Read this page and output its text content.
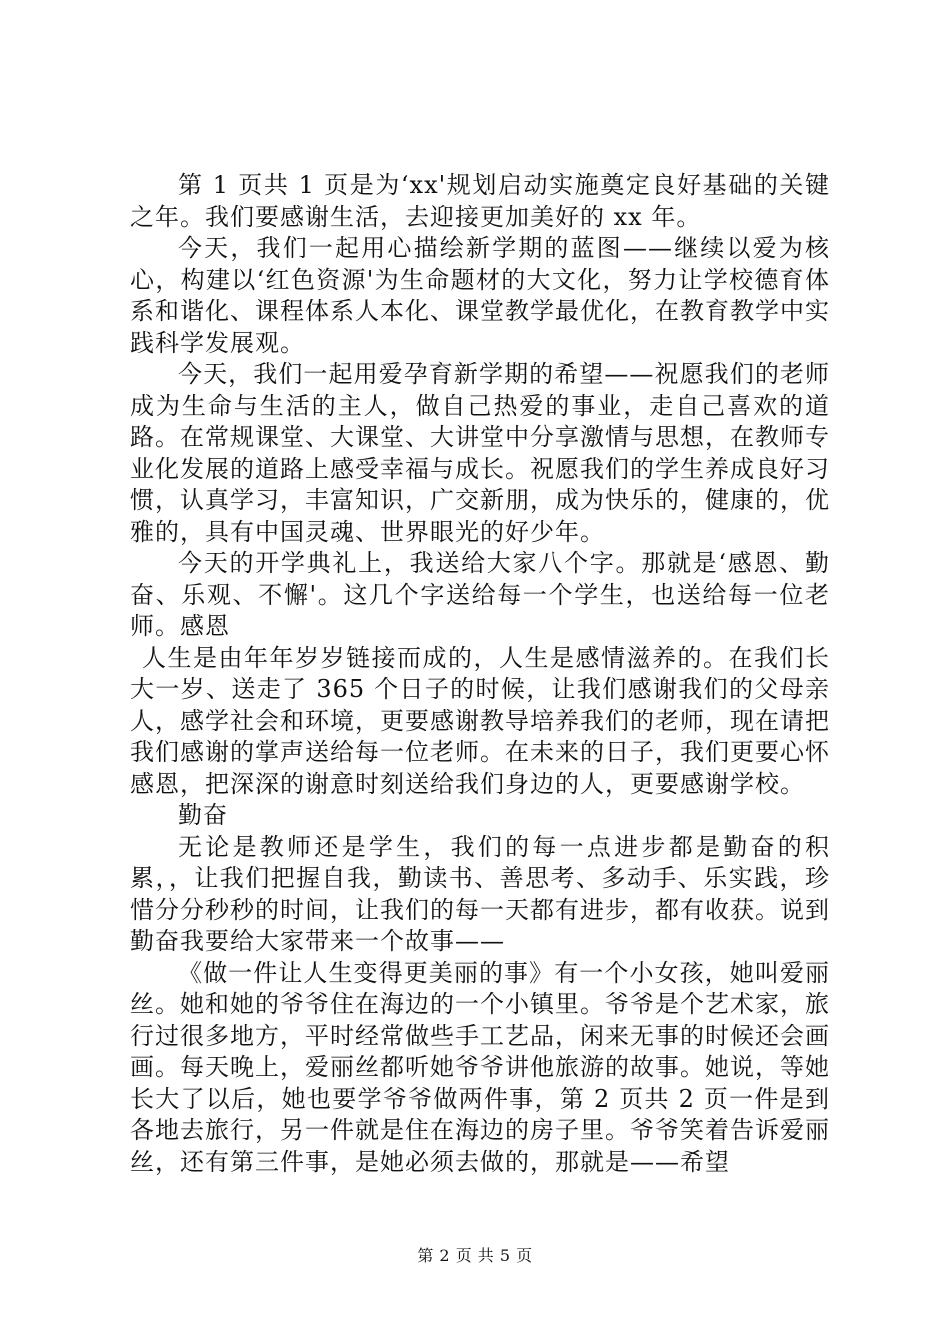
第 1 页共 1 页是为‘xx'规划启动实施奠定良好基础的关键之年。我们要感谢生活，去迎接更加美好的 xx 年。

今天，我们一起用心描绘新学期的蓝图——继续以爱为核心，构建以‘红色资源'为生命题材的大文化，努力让学校德育体系和谐化、课程体系人本化、课堂教学最优化，在教育教学中实践科学发展观。

今天，我们一起用爱孕育新学期的希望——祝愿我们的老师成为生命与生活的主人，做自己热爱的事业，走自己喜欢的道路。在常规课堂、大课堂、大讲堂中分享激情与思想，在教师专业化发展的道路上感受幸福与成长。祝愿我们的学生养成良好习惯，认真学习，丰富知识，广交新朋，成为快乐的，健康的，优雅的，具有中国灵魂、世界眼光的好少年。

今天的开学典礼上，我送给大家八个字。那就是‘感恩、勤奋、乐观、不懈'。这几个字送给每一个学生，也送给每一位老师。感恩

人生是由年年岁岁链接而成的，人生是感情滋养的。在我们长大一岁、送走了 365 个日子的时候，让我们感谢我们的父母亲人，感学社会和环境，更要感谢教导培养我们的老师，现在请把我们感谢的掌声送给每一位老师。在未来的日子，我们更要心怀感恩，把深深的谢意时刻送给我们身边的人，更要感谢学校。

勤奋

无论是教师还是学生，我们的每一点进步都是勤奋的积累，，让我们把握自我，勤读书、善思考、多动手、乐实践，珍惜分分秒秒的时间，让我们的每一天都有进步，都有收获。说到勤奋我要给大家带来一个故事——

《做一件让人生变得更美丽的事》有一个小女孩，她叫爱丽丝。她和她的爷爷住在海边的一个小镇里。爷爷是个艺术家，旅行过很多地方，平时经常做些手工艺品，闲来无事的时候还会画画。每天晚上，爱丽丝都听她爷爷讲他旅游的故事。她说，等她长大了以后，她也要学爷爷做两件事，第 2 页共 2 页一件是到各地去旅行，另一件就是住在海边的房子里。爷爷笑着告诉爱丽丝，还有第三件事，是她必须去做的，那就是——希望

第 2 页 共 5 页
